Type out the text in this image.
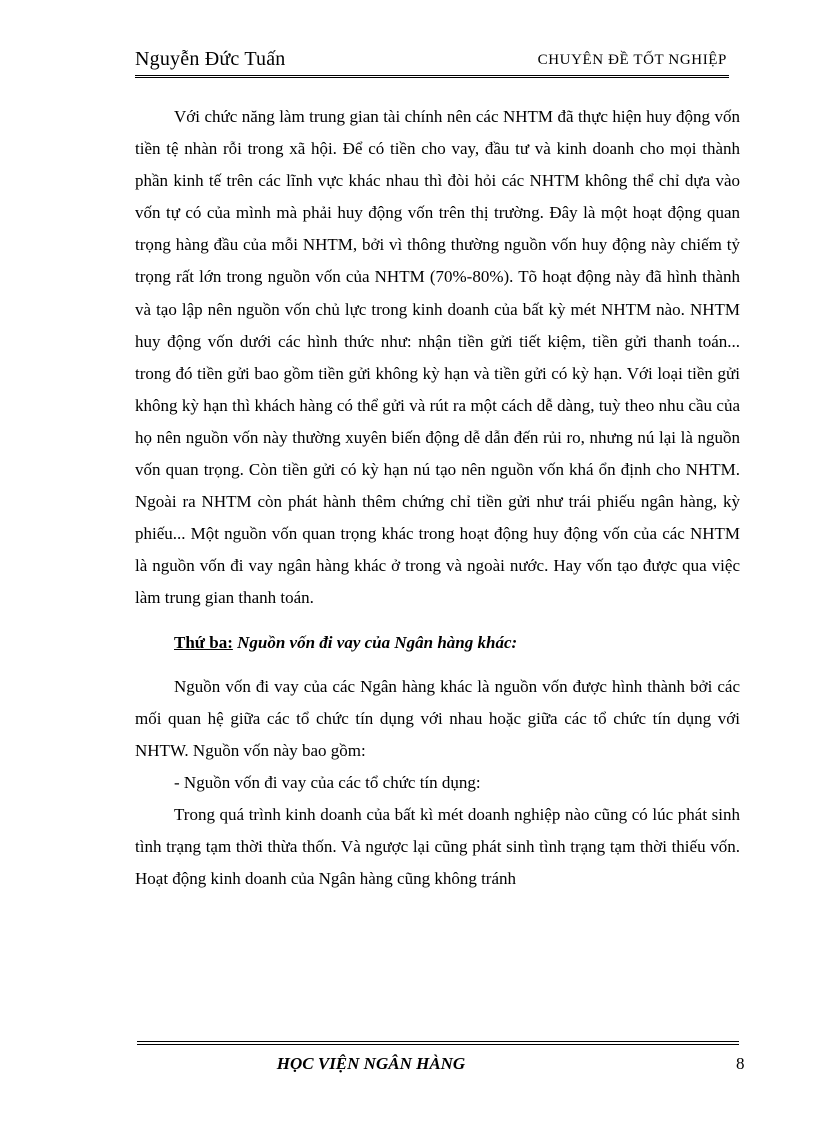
Nguyễn Đức Tuấn	CHUYÊN ĐỀ TỐT NGHIỆP

Với chức năng làm trung gian tài chính nên các NHTM đã thực hiện huy động vốn tiền tệ nhàn rỗi trong xã hội. Để có tiền cho vay, đầu tư và kinh doanh cho mọi thành phần kinh tế trên các lĩnh vực khác nhau thì đòi hỏi các NHTM không thể chỉ dựa vào vốn tự có của mình mà phải huy động vốn trên thị trường. Đây là một hoạt động quan trọng hàng đầu của mỗi NHTM, bởi vì thông thường nguồn vốn huy động này chiếm tỷ trọng rất lớn trong nguồn vốn của NHTM (70%-80%). Tõ hoạt động này đã hình thành và tạo lập nên nguồn vốn chủ lực trong kinh doanh của bất kỳ mét NHTM nào. NHTM huy động vốn dưới các hình thức như: nhận tiền gửi tiết kiệm, tiền gửi thanh toán... trong đó tiền gửi bao gồm tiền gửi không kỳ hạn và tiền gửi có kỳ hạn. Với loại tiền gửi không kỳ hạn thì khách hàng có thể gửi và rút ra một cách dễ dàng, tuỳ theo nhu cầu của họ nên nguồn vốn này thường xuyên biến động dễ dẫn đến rủi ro, nhưng nú lại là nguồn vốn quan trọng. Còn tiền gửi có kỳ hạn nú tạo nên nguồn vốn khá ổn định cho NHTM. Ngoài ra NHTM còn phát hành thêm chứng chỉ tiền gửi như trái phiếu ngân hàng, kỳ phiếu... Một nguồn vốn quan trọng khác trong hoạt động huy động vốn của các NHTM là nguồn vốn đi vay ngân hàng khác ở trong và ngoài nước. Hay vốn tạo được qua việc làm trung gian thanh toán.

Thứ ba: Nguồn vốn đi vay của Ngân hàng khác:

Nguồn vốn đi vay của các Ngân hàng khác là nguồn vốn được hình thành bởi các mối quan hệ giữa các tổ chức tín dụng với nhau hoặc giữa các tổ chức tín dụng với NHTW. Nguồn vốn này bao gồm:

- Nguồn vốn đi vay của các tổ chức tín dụng:

Trong quá trình kinh doanh của bất kì mét doanh nghiệp nào cũng có lúc phát sinh tình trạng tạm thời thừa thốn. Và ngược lại cũng phát sinh tình trạng tạm thời thiếu vốn. Hoạt động kinh doanh của Ngân hàng cũng không tránh

HỌC VIỆN NGÂN HÀNG	8
